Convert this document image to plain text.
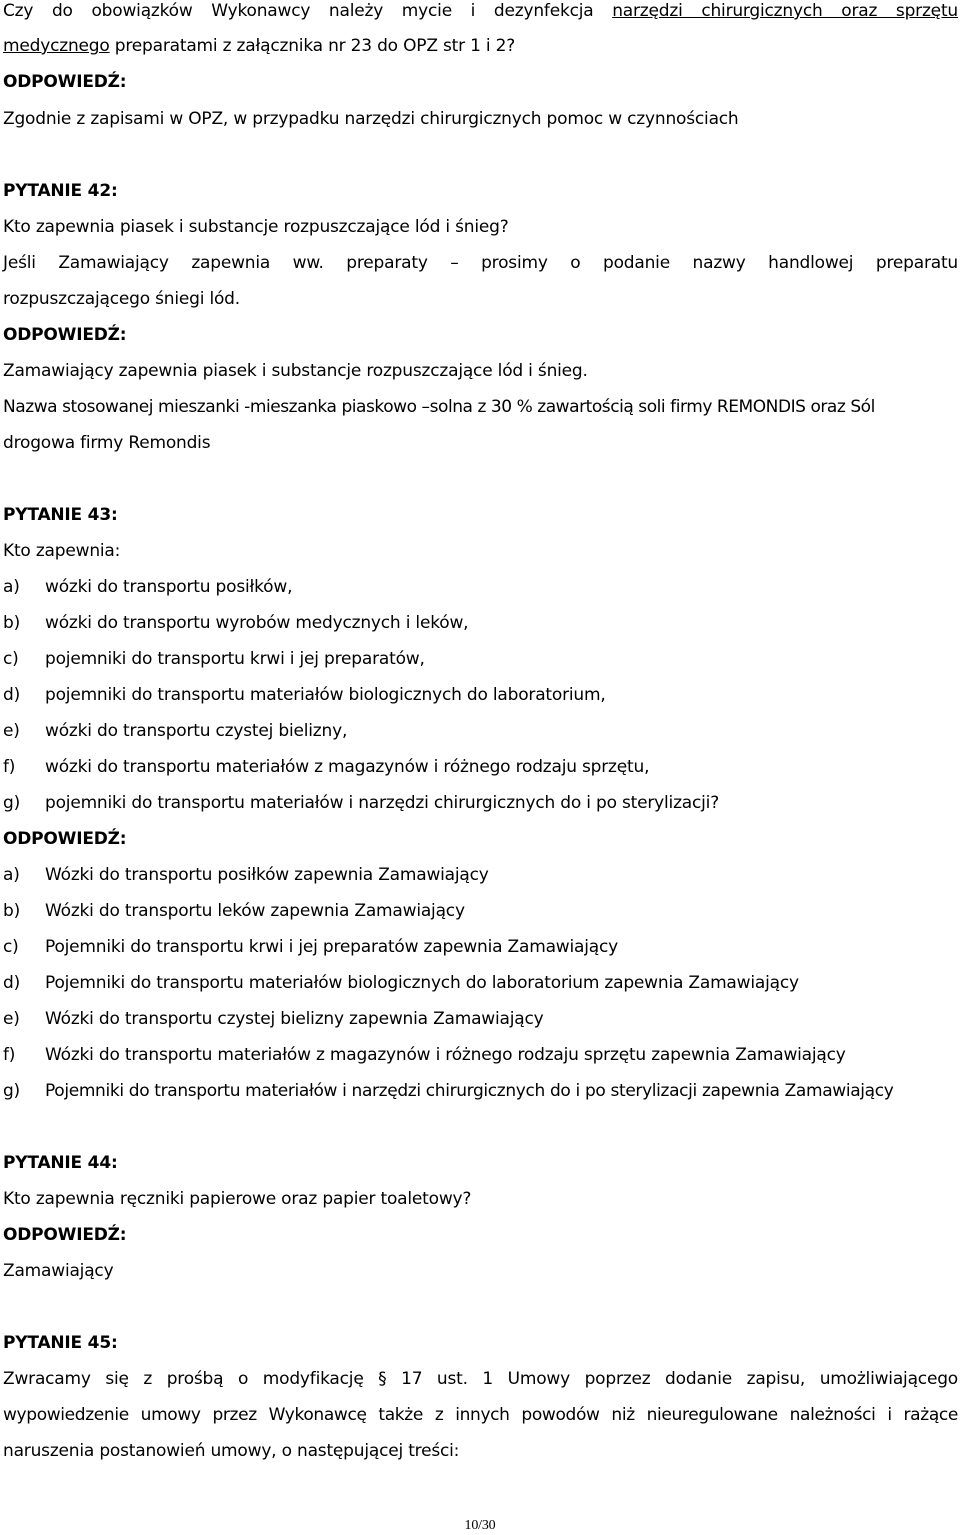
Czy do obowiązków Wykonawcy należy mycie i dezynfekcja narzędzi chirurgicznych oraz sprzętu
medycznego preparatami z załącznika nr 23 do OPZ str 1 i 2?
ODPOWIEDŹ:
Zgodnie z zapisami w OPZ, w przypadku narzędzi chirurgicznych pomoc w czynnościach
PYTANIE 42:
Kto zapewnia piasek i substancje rozpuszczające lód i śnieg?
Jeśli Zamawiający zapewnia ww. preparaty – prosimy o podanie nazwy handlowej preparatu
rozpuszczającego śniegi lód.
ODPOWIEDŹ:
Zamawiający zapewnia piasek i substancje rozpuszczające lód i śnieg.
Nazwa stosowanej mieszanki -mieszanka piaskowo –solna z 30 % zawartością soli firmy REMONDIS oraz Sól
drogowa firmy Remondis
PYTANIE 43:
Kto zapewnia:
a) wózki do transportu posiłków,
b) wózki do transportu wyrobów medycznych i leków,
c) pojemniki do transportu krwi i jej preparatów,
d) pojemniki do transportu materiałów biologicznych do laboratorium,
e) wózki do transportu czystej bielizny,
f) wózki do transportu materiałów z magazynów i różnego rodzaju sprzętu,
g) pojemniki do transportu materiałów i narzędzi chirurgicznych do i po sterylizacji?
ODPOWIEDŹ:
a) Wózki do transportu posiłków zapewnia Zamawiający
b) Wózki do transportu leków zapewnia Zamawiający
c) Pojemniki do transportu krwi i jej preparatów zapewnia Zamawiający
d) Pojemniki do transportu materiałów biologicznych do laboratorium zapewnia Zamawiający
e) Wózki do transportu czystej bielizny zapewnia Zamawiający
f) Wózki do transportu materiałów z magazynów i różnego rodzaju sprzętu zapewnia Zamawiający
g) Pojemniki do transportu materiałów i narzędzi chirurgicznych do i po sterylizacji zapewnia Zamawiający
PYTANIE 44:
Kto zapewnia ręczniki papierowe oraz papier toaletowy?
ODPOWIEDŹ:
Zamawiający
PYTANIE 45:
Zwracamy się z prośbą o modyfikację § 17 ust. 1 Umowy poprzez dodanie zapisu, umożliwiającego
wypowiedzenie umowy przez Wykonawcę także z innych powodów niż nieuregulowane należności i rażące
naruszenia postanowień umowy, o następującej treści:
10/30
